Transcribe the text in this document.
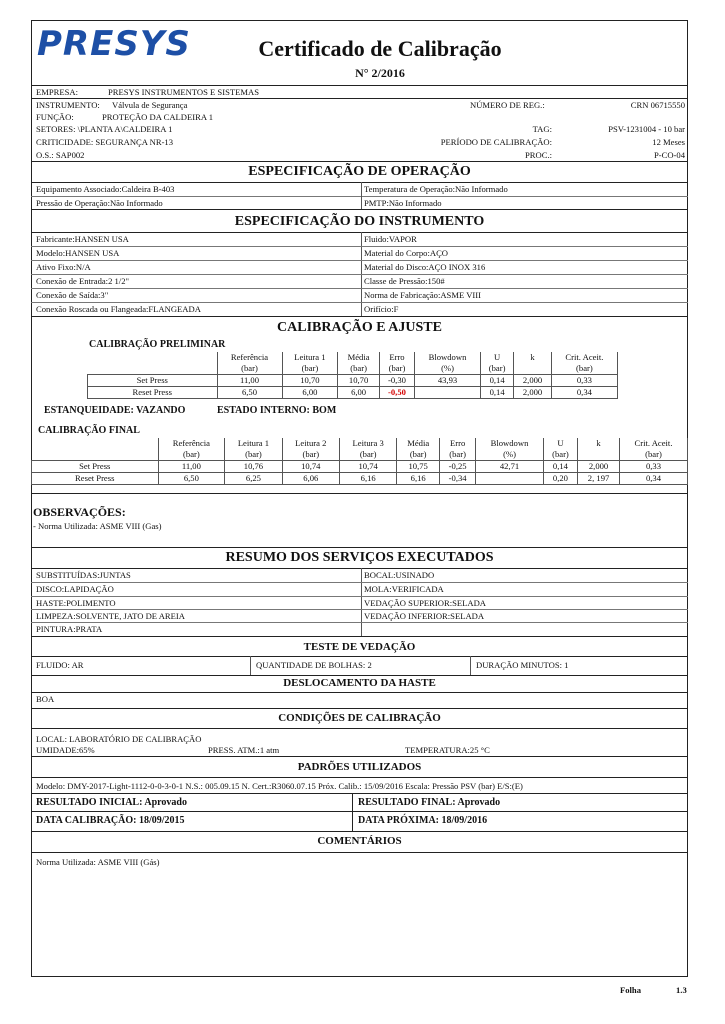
PRESYS	Certificado de Calibração
N° 2/2016
EMPRESA:	PRESYS INSTRUMENTOS E SISTEMAS
INSTRUMENTO: Válvula de Segurança
FUNÇÃO:	PROTEÇÃO DA CALDEIRA 1
SETORES: \PLANTA A\CALDEIRA 1
CRITICIDADE: SEGURANÇA NR-13
O.S.: SAP002
NÚMERO DE REG.:	CRN 06715550
TAG:	PSV-1231004 - 10 bar
PERÍODO DE CALIBRAÇÃO:	12 Meses
PROC.:	P-CO-04
ESPECIFICAÇÃO DE OPERAÇÃO
Equipamento Associado:Caldeira B-403	Temperatura de Operação:Não Informado
Pressão de Operação:Não Informado	PMTP:Não Informado
ESPECIFICAÇÃO DO INSTRUMENTO
Fabricante:HANSEN USA	Fluido:VAPOR
Modelo:HANSEN USA	Material do Corpo:AÇO
Ativo Fixo:N/A	Material do Disco:AÇO INOX 316
Conexão de Entrada:2 1/2"	Classe de Pressão:150#
Conexão de Saída:3"	Norma de Fabricação:ASME VIII
Conexão Roscada ou Flangeada:FLANGEADA	Orifício:F
CALIBRAÇÃO E AJUSTE
CALIBRAÇÃO PRELIMINAR
	Referência	Leitura 1	Média	Erro	Blowdown	U	k	Crit. Aceit.
	(bar)	(bar)	(bar)	(bar)	(%)	(bar)		(bar)
Set Press	11,00	10,70	10,70	-0,30	43,93	0,14	2,000	0,33
Reset Press	6,50	6,00	6,00	-0,50		0,14	2,000	0,34
ESTANQUEIDADE: VAZANDO	ESTADO INTERNO: BOM
CALIBRAÇÃO FINAL
	Referência	Leitura 1	Leitura 2	Leitura 3	Média	Erro	Blowdown	U	k	Crit. Aceit.
	(bar)	(bar)	(bar)	(bar)	(bar)	(bar)	(%)	(bar)		(bar)
Set Press	11,00	10,76	10,74	10,74	10,75	-0,25	42,71	0,14	2,000	0,33
Reset Press	6,50	6,25	6,06	6,16	6,16	-0,34		0,20	2, 197	0,34
OBSERVAÇÕES:
- Norma Utilizada: ASME VIII (Gas)
RESUMO DOS SERVIÇOS EXECUTADOS
SUBSTITUÍDAS:JUNTAS	BOCAL:USINADO
DISCO:LAPIDAÇÃO	MOLA:VERIFICADA
HASTE:POLIMENTO	VEDAÇÃO SUPERIOR:SELADA
LIMPEZA:SOLVENTE, JATO DE AREIA	VEDAÇÃO INFERIOR:SELADA
PINTURA:PRATA
TESTE DE VEDAÇÃO
FLUIDO: AR	QUANTIDADE DE BOLHAS: 2	DURAÇÃO MINUTOS: 1
DESLOCAMENTO DA HASTE
BOA
CONDIÇÕES DE CALIBRAÇÃO
LOCAL: LABORATÓRIO DE CALIBRAÇÃO
UMIDADE:65%	PRESS. ATM.:1 atm	TEMPERATURA:25 °C
PADRÕES UTILIZADOS
Modelo: DMY-2017-Light-1112-0-0-3-0-1 N.S.: 005.09.15 N. Cert.:R3060.07.15 Próx. Calib.: 15/09/2016 Escala: Pressão PSV (bar) E/S:(E)
RESULTADO INICIAL: Aprovado	RESULTADO FINAL: Aprovado
DATA CALIBRAÇÃO: 18/09/2015	DATA PRÓXIMA: 18/09/2016
COMENTÁRIOS
Norma Utilizada: ASME VIII (Gás)
Folha	1.3
